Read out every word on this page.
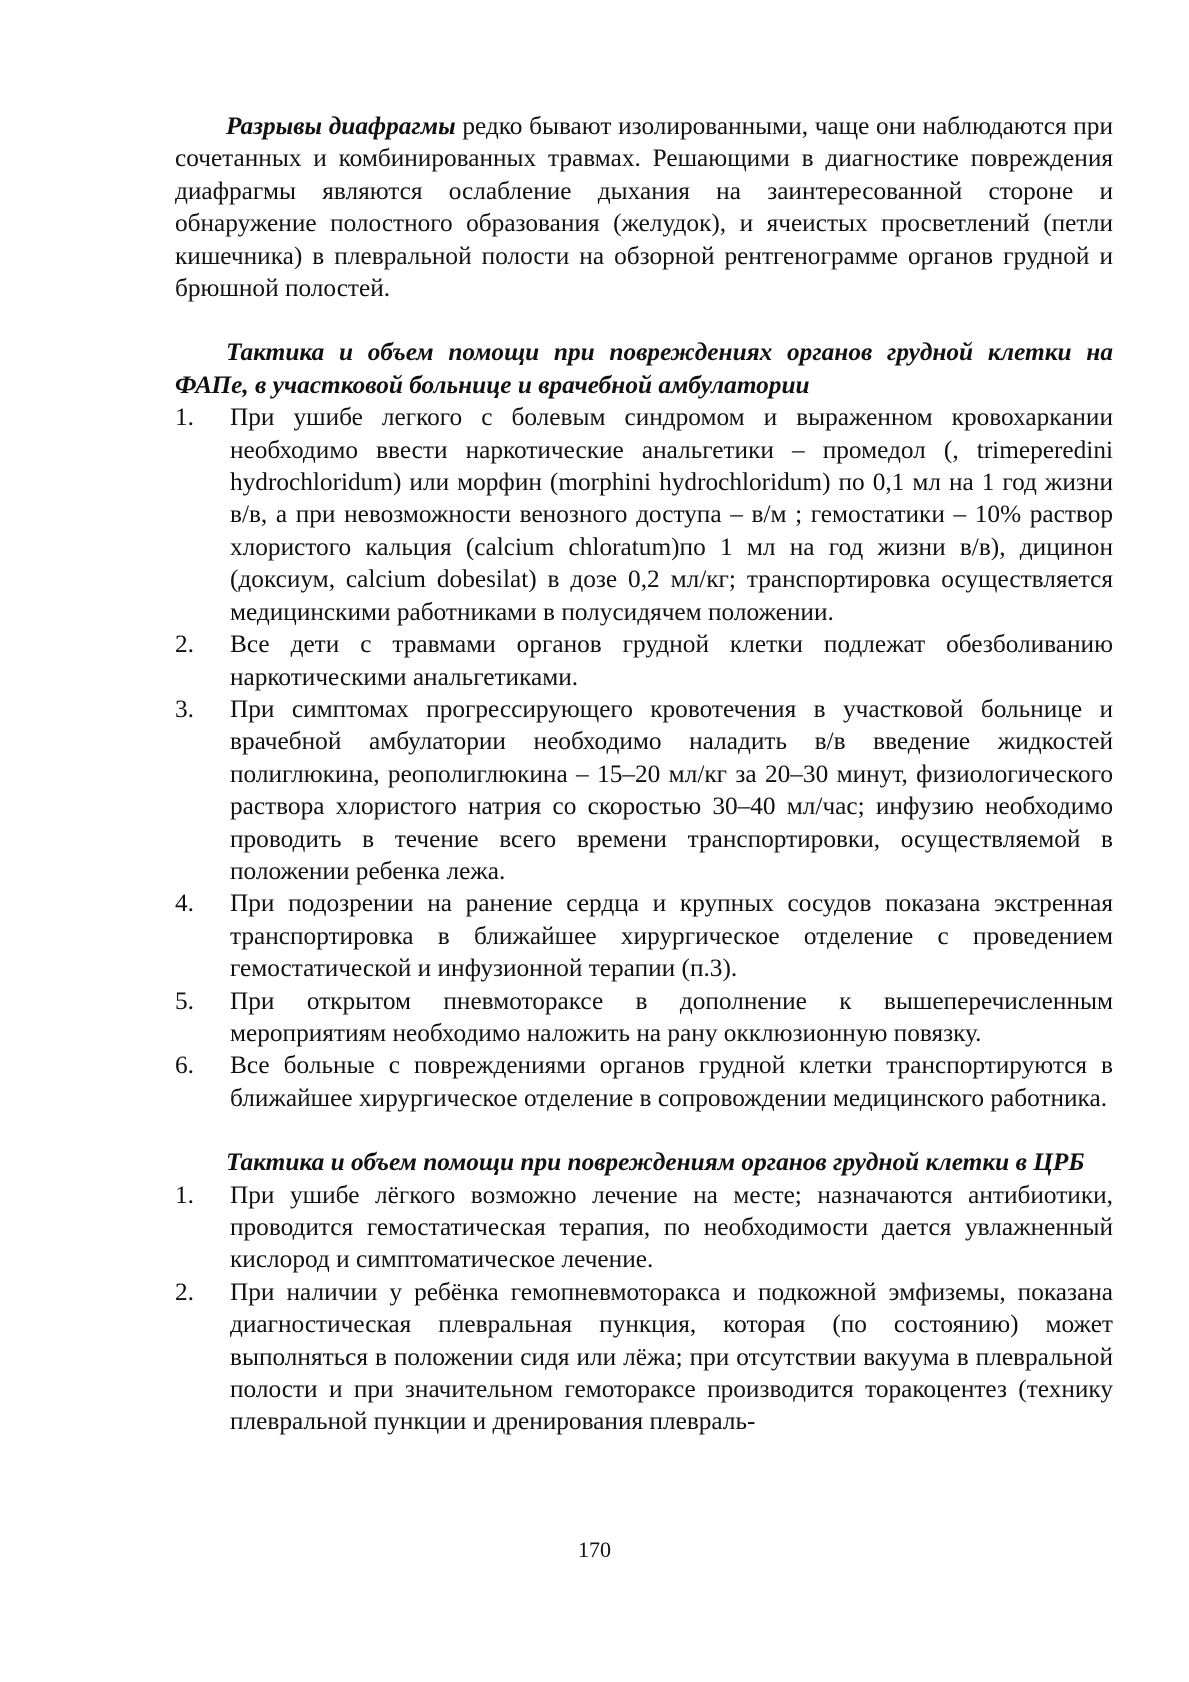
Разрывы диафрагмы редко бывают изолированными, чаще они наблюдаются при сочетанных и комбинированных травмах. Решающими в диагностике повреждения диафрагмы являются ослабление дыхания на заинтересованной стороне и обнаружение полостного образования (желудок), и ячеистых просветлений (петли кишечника) в плевральной полости на обзорной рентгенограмме органов грудной и брюшной полостей.

Тактика и объем помощи при повреждениях органов грудной клетки на ФАПе, в участковой больнице и врачебной амбулатории

1. При ушибе легкого с болевым синдромом и выраженном кровохаркании необходимо ввести наркотические анальгетики – промедол (, trimeperedini hydrochloridum) или морфин (morphini hydrochloridum) по 0,1 мл на 1 год жизни в/в, а при невозможности венозного доступа – в/м ; гемостатики – 10% раствор хлористого кальция (calcium chloratum)по 1 мл на год жизни в/в), дицинон (доксиум, calcium dobesilat) в дозе 0,2 мл/кг; транспортировка осуществляется медицинскими работниками в полусидячем положении.
2. Все дети с травмами органов грудной клетки подлежат обезболиванию наркотическими анальгетиками.
3. При симптомах прогрессирующего кровотечения в участковой больнице и врачебной амбулатории необходимо наладить в/в введение жидкостей полиглюкина, реополиглюкина – 15–20 мл/кг за 20–30 минут, физиологического раствора хлористого натрия со скоростью 30–40 мл/час; инфузию необходимо проводить в течение всего времени транспортировки, осуществляемой в положении ребенка лежа.
4. При подозрении на ранение сердца и крупных сосудов показана экстренная транспортировка в ближайшее хирургическое отделение с проведением гемостатической и инфузионной терапии (п.3).
5. При открытом пневмотораксе в дополнение к вышеперечисленным мероприятиям необходимо наложить на рану окклюзионную повязку.
6. Все больные с повреждениями органов грудной клетки транспортируются в ближайшее хирургическое отделение в сопровождении медицинского работника.

Тактика и объем помощи при повреждениям органов грудной клетки в ЦРБ

1. При ушибе лёгкого возможно лечение на месте; назначаются антибиотики, проводится гемостатическая терапия, по необходимости дается увлажненный кислород и симптоматическое лечение.
2. При наличии у ребёнка гемопневмоторакса и подкожной эмфиземы, показана диагностическая плевральная пункция, которая (по состоянию) может выполняться в положении сидя или лёжа; при отсутствии вакуума в плевральной полости и при значительном гемотораксе производится торакоцентез (технику плевральной пункции и дренирования плевраль-
170
